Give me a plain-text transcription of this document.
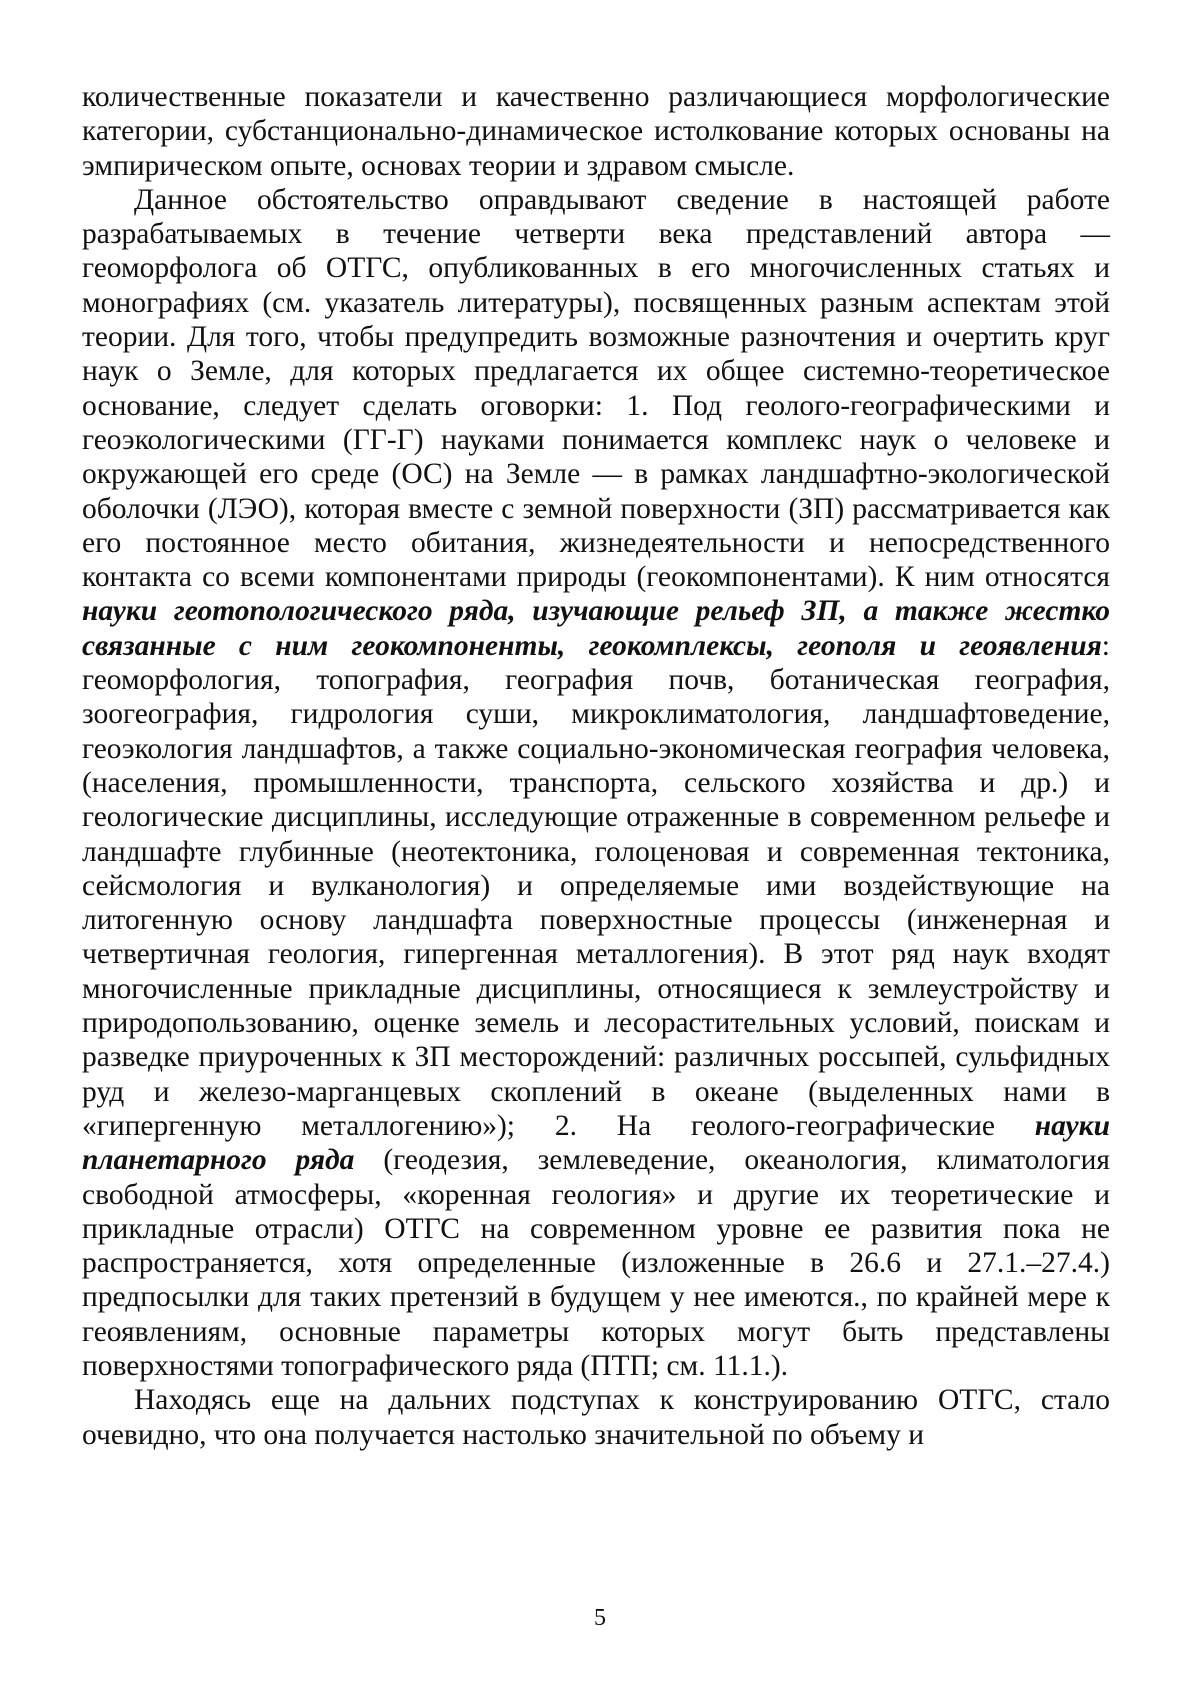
количественные показатели и качественно различающиеся морфологические категории, субстанционально-динамическое истолкование которых основаны на эмпирическом опыте, основах теории и здравом смысле.

Данное обстоятельство оправдывают сведение в настоящей работе разрабатываемых в течение четверти века представлений автора — геоморфолога об ОТГС, опубликованных в его многочисленных статьях и монографиях (см. указатель литературы), посвященных разным аспектам этой теории. Для того, чтобы предупредить возможные разночтения и очертить круг наук о Земле, для которых предлагается их общее системно-теоретическое основание, следует сделать оговорки: 1. Под геолого-географическими и геоэкологическими (ГГ-Г) науками понимается комплекс наук о человеке и окружающей его среде (ОС) на Земле — в рамках ландшафтно-экологической оболочки (ЛЭО), которая вместе с земной поверхности (ЗП) рассматривается как его постоянное место обитания, жизнедеятельности и непосредственного контакта со всеми компонентами природы (геокомпонентами). К ним относятся науки геотопологического ряда, изучающие рельеф ЗП, а также жестко связанные с ним геокомпоненты, геокомплексы, геополя и геоявления: геоморфология, топография, география почв, ботаническая география, зоогеография, гидрология суши, микроклиматология, ландшафтоведение, геоэкология ландшафтов, а также социально-экономическая география человека, (населения, промышленности, транспорта, сельского хозяйства и др.) и геологические дисциплины, исследующие отраженные в современном рельефе и ландшафте глубинные (неотектоника, голоценовая и современная тектоника, сейсмология и вулканология) и определяемые ими воздействующие на литогенную основу ландшафта поверхностные процессы (инженерная и четвертичная геология, гипергенная металлогения). В этот ряд наук входят многочисленные прикладные дисциплины, относящиеся к землеустройству и природопользованию, оценке земель и лесорастительных условий, поискам и разведке приуроченных к ЗП месторождений: различных россыпей, сульфидных руд и железо-марганцевых скоплений в океане (выделенных нами в «гипергенную металлогению»); 2. На геолого-географические науки планетарного ряда (геодезия, землеведение, океанология, климатология свободной атмосферы, «коренная геология» и другие их теоретические и прикладные отрасли) ОТГС на современном уровне ее развития пока не распространяется, хотя определенные (изложенные в 26.6 и 27.1.–27.4.) предпосылки для таких претензий в будущем у нее имеются., по крайней мере к геоявлениям, основные параметры которых могут быть представлены поверхностями топографического ряда (ПТП; см. 11.1.).

Находясь еще на дальних подступах к конструированию ОТГС, стало очевидно, что она получается настолько значительной по объему и

5
